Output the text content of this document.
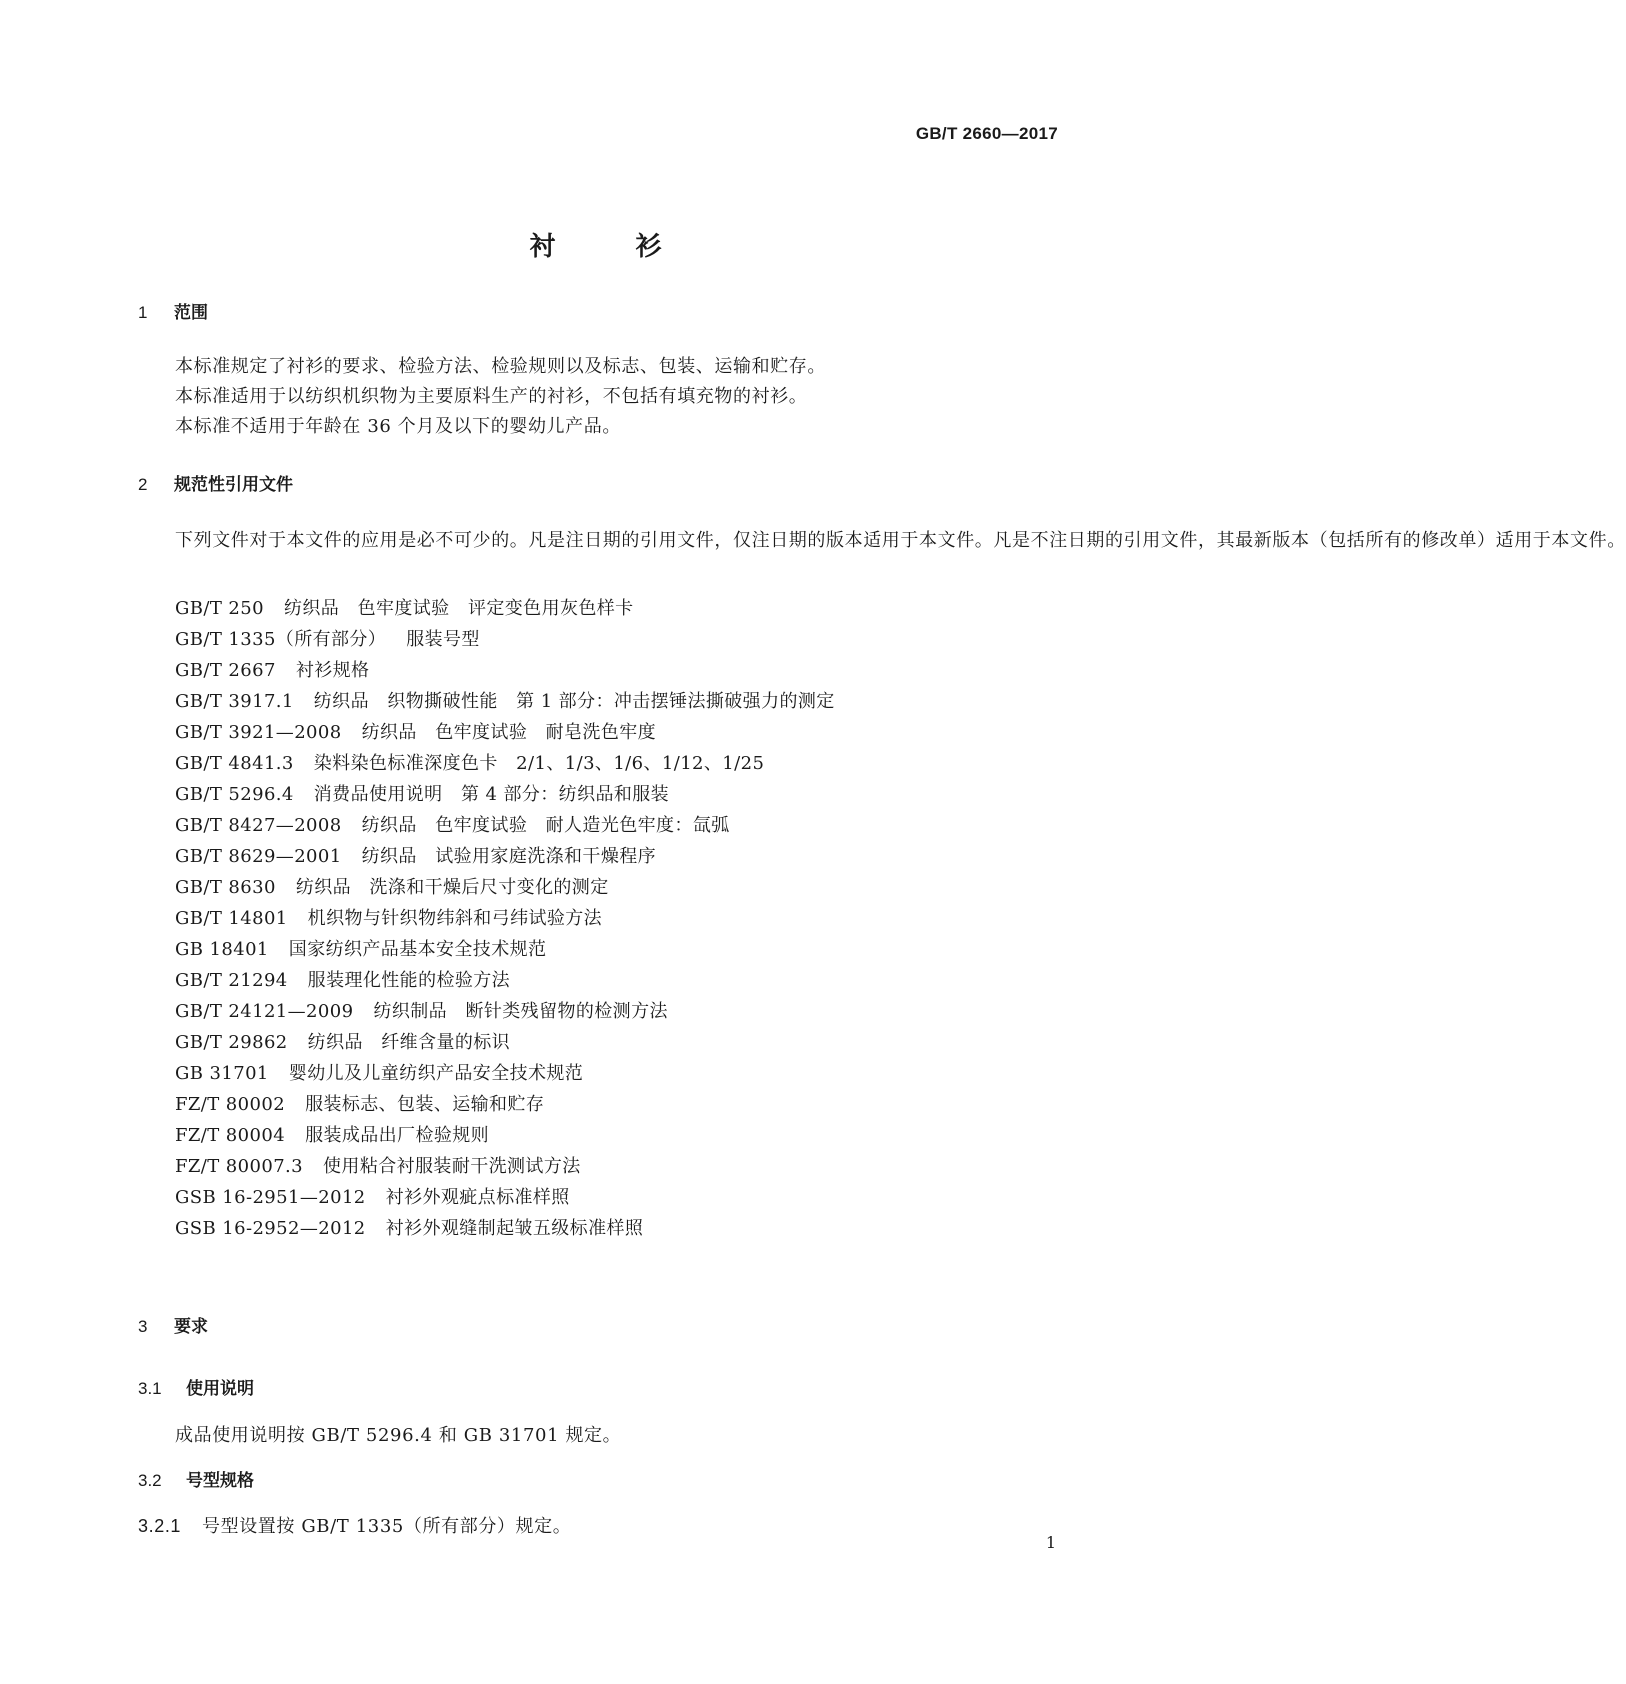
GB/T 2660—2017
衬衫
1 范围
本标准规定了衬衫的要求、检验方法、检验规则以及标志、包装、运输和贮存。
本标准适用于以纺织机织物为主要原料生产的衬衫，不包括有填充物的衬衫。
本标准不适用于年龄在 36 个月及以下的婴幼儿产品。
2 规范性引用文件

下列文件对于本文件的应用是必不可少的。凡是注日期的引用文件，仅注日期的版本适用于本文件。凡是不注日期的引用文件，其最新版本（包括所有的修改单）适用于本文件。

GB/T 250 纺织品　色牢度试验　评定变色用灰色样卡
GB/T 1335（所有部分） 服装号型
GB/T 2667 衬衫规格
GB/T 3917.1 纺织品　织物撕破性能　第 1 部分：冲击摆锤法撕破强力的测定
GB/T 3921—2008 纺织品　色牢度试验　耐皂洗色牢度
GB/T 4841.3 染料染色标准深度色卡　2/1、1/3、1/6、1/12、1/25
GB/T 5296.4 消费品使用说明　第 4 部分：纺织品和服装
GB/T 8427—2008 纺织品　色牢度试验　耐人造光色牢度：氙弧
GB/T 8629—2001 纺织品　试验用家庭洗涤和干燥程序
GB/T 8630 纺织品　洗涤和干燥后尺寸变化的测定
GB/T 14801 机织物与针织物纬斜和弓纬试验方法
GB 18401 国家纺织产品基本安全技术规范
GB/T 21294 服装理化性能的检验方法
GB/T 24121—2009 纺织制品　断针类残留物的检测方法
GB/T 29862 纺织品　纤维含量的标识
GB 31701 婴幼儿及儿童纺织产品安全技术规范
FZ/T 80002 服装标志、包装、运输和贮存
FZ/T 80004 服装成品出厂检验规则
FZ/T 80007.3 使用粘合衬服装耐干洗测试方法
GSB 16-2951—2012 衬衫外观疵点标准样照
GSB 16-2952—2012 衬衫外观缝制起皱五级标准样照
3 要求
3.1 使用说明
成品使用说明按 GB/T 5296.4 和 GB 31701 规定。
3.2 号型规格
3.2.1 号型设置按 GB/T 1335（所有部分）规定。
1
